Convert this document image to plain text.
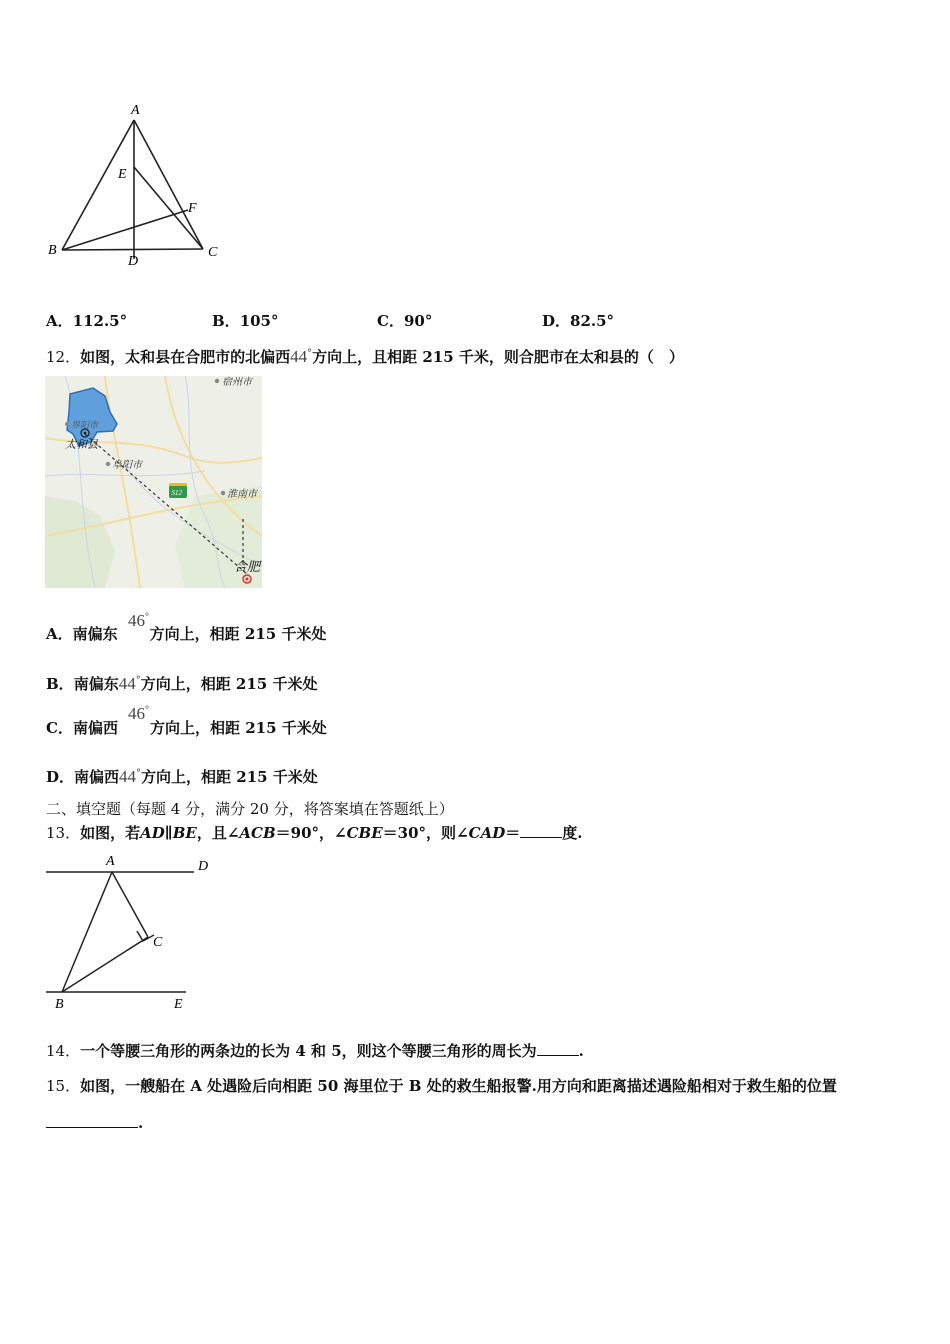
A
E
F
B
D
C
A．112.5°	B．105°	C．90°	D．82.5°
12．如图，太和县在合肥市的北偏西44°方向上，且相距 215 千米，则合肥市在太和县的（　）
S12
宿州市
界阳市
太和县
阜阳市
淮南市
合肥
A．南偏东 方向上，相距 215 千米处
46°
B．南偏东44°方向上，相距 215 千米处
C．南偏西 方向上，相距 215 千米处
46°
D．南偏西44°方向上，相距 215 千米处
二、填空题（每题 4 分，满分 20 分，将答案填在答题纸上）
13．如图，若AD∥BE，且∠ACB＝90°，∠CBE＝30°，则∠CAD＝	度.
A	D
C
B	E
14．一个等腰三角形的两条边的长为 4 和 5，则这个等腰三角形的周长为	.
15．如图，一艘船在 A 处遇险后向相距 50 海里位于 B 处的救生船报警.用方向和距离描述遇险船相对于救生船的位置
.
